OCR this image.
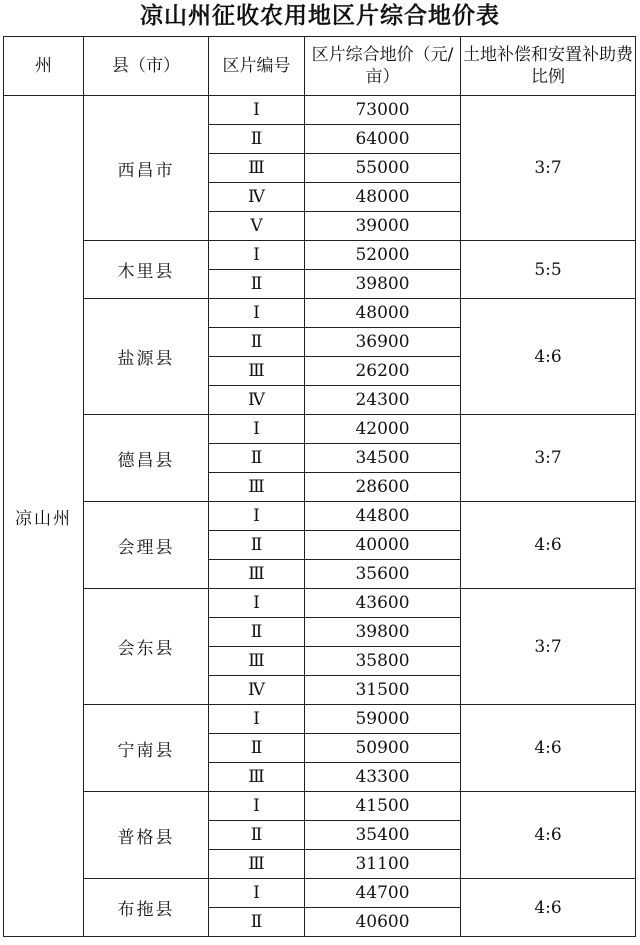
凉山州征收农用地区片综合地价表
州	县（市）	区片编号	区片综合地价（元/亩）	土地补偿和安置补助费比例
凉山州	西昌市	Ⅰ	73000	3:7
		Ⅱ	64000	
		Ⅲ	55000	
		Ⅳ	48000	
		Ⅴ	39000	
	木里县	Ⅰ	52000	5:5
		Ⅱ	39800	
	盐源县	Ⅰ	48000	4:6
		Ⅱ	36900	
		Ⅲ	26200	
		Ⅳ	24300	
	德昌县	Ⅰ	42000	3:7
		Ⅱ	34500	
		Ⅲ	28600	
	会理县	Ⅰ	44800	4:6
		Ⅱ	40000	
		Ⅲ	35600	
	会东县	Ⅰ	43600	3:7
		Ⅱ	39800	
		Ⅲ	35800	
		Ⅳ	31500	
	宁南县	Ⅰ	59000	4:6
		Ⅱ	50900	
		Ⅲ	43300	
	普格县	Ⅰ	41500	4:6
		Ⅱ	35400	
		Ⅲ	31100	
	布拖县	Ⅰ	44700	4:6
		Ⅱ	40600	
